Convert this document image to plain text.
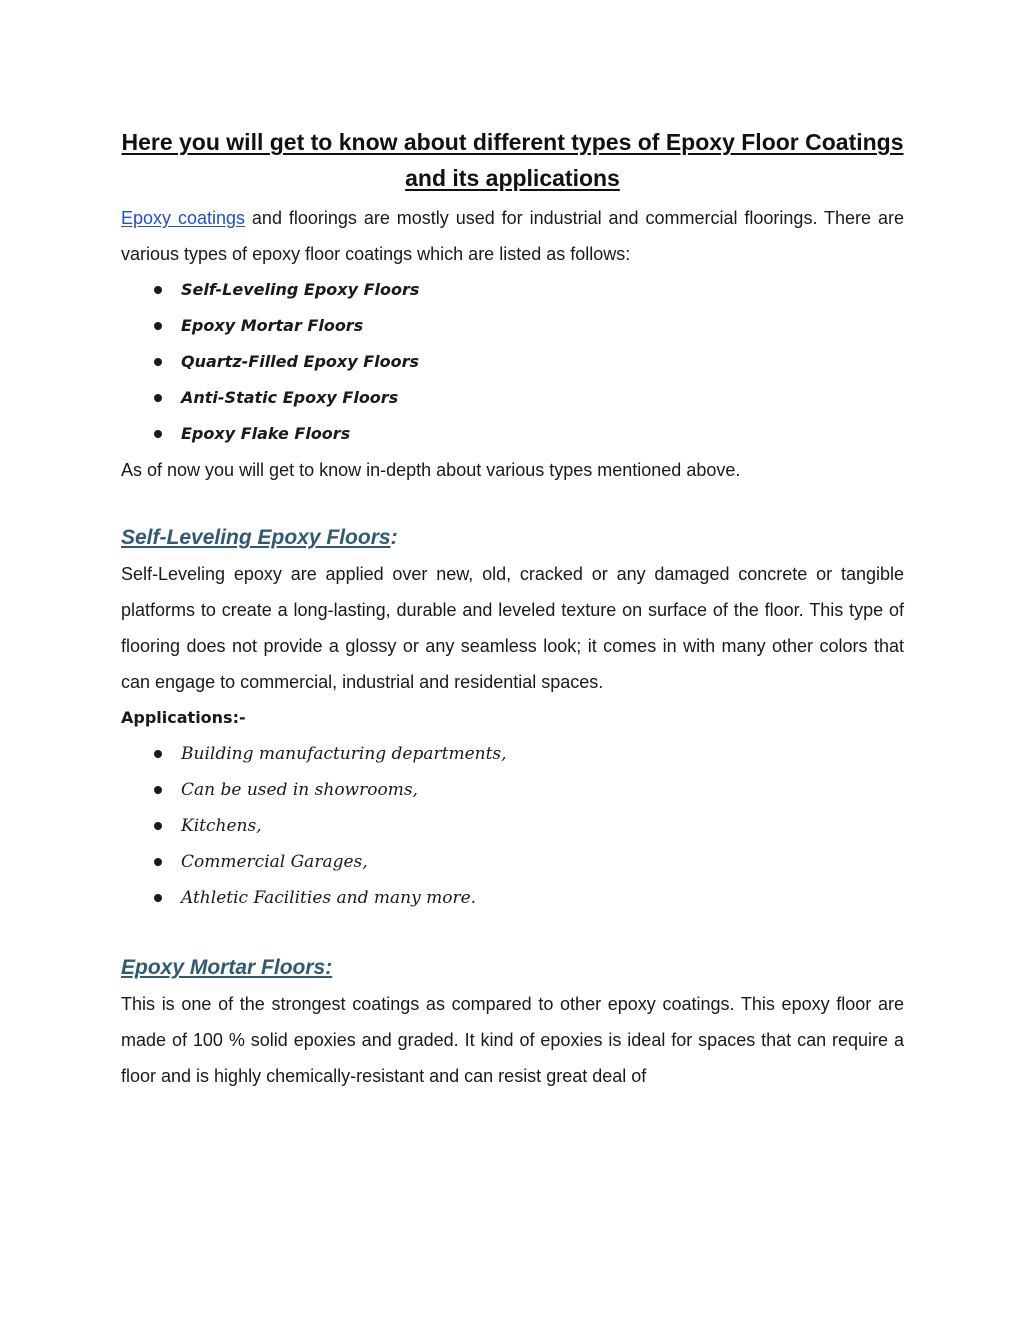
Here you will get to know about different types of Epoxy Floor Coatings and its applications

Epoxy coatings and floorings are mostly used for industrial and commercial floorings. There are various types of epoxy floor coatings which are listed as follows:

Self-Leveling Epoxy Floors
Epoxy Mortar Floors
Quartz-Filled Epoxy Floors
Anti-Static Epoxy Floors
Epoxy Flake Floors

As of now you will get to know in-depth about various types mentioned above.

Self-Leveling Epoxy Floors:

Self-Leveling epoxy are applied over new, old, cracked or any damaged concrete or tangible platforms to create a long-lasting, durable and leveled texture on surface of the floor. This type of flooring does not provide a glossy or any seamless look; it comes in with many other colors that can engage to commercial, industrial and residential spaces.

Applications:-
Building manufacturing departments,
Can be used in showrooms,
Kitchens,
Commercial Garages,
Athletic Facilities and many more.
Epoxy Mortar Floors:

This is one of the strongest coatings as compared to other epoxy coatings. This epoxy floor are made of 100 % solid epoxies and graded. It kind of epoxies is ideal for spaces that can require a floor and is highly chemically-resistant and can resist great deal of
